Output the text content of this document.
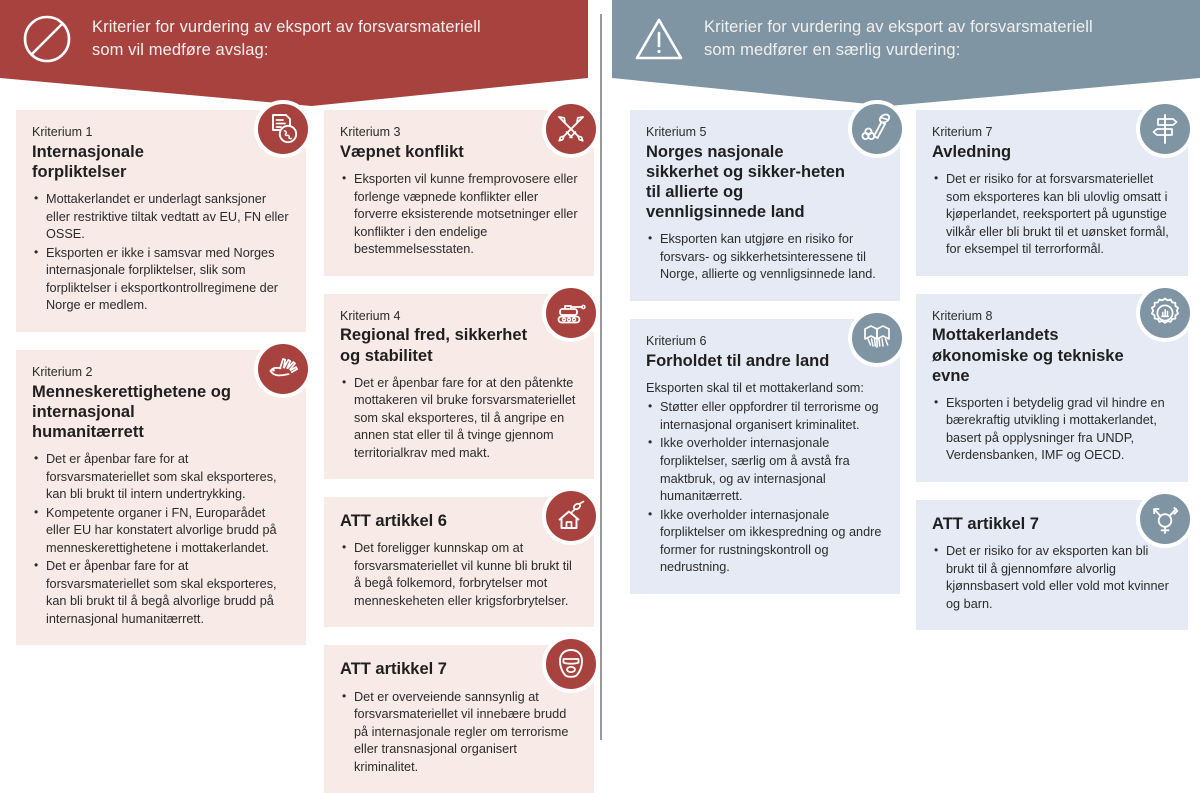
Kriterier for vurdering av eksport av forsvarsmateriell
som vil medføre avslag:
Kriterier for vurdering av eksport av forsvarsmateriell
som medfører en særlig vurdering:
Kriterium 1
Internasjonale forpliktelser
• Mottakerlandet er underlagt sanksjoner eller restriktive tiltak vedtatt av EU, FN eller OSSE.
• Eksporten er ikke i samsvar med Norges internasjonale forpliktelser, slik som forpliktelser i eksportkontrollregimene der Norge er medlem.
Kriterium 2
Menneskerettighetene og internasjonal humanitærrett
• Det er åpenbar fare for at forsvarsmateriellet som skal eksporteres, kan bli brukt til intern undertrykking.
• Kompetente organer i FN, Europarådet eller EU har konstatert alvorlige brudd på menneskerettighetene i mottakerlandet.
• Det er åpenbar fare for at forsvarsmateriellet som skal eksporteres, kan bli brukt til å begå alvorlige brudd på internasjonal humanitærrett.
Kriterium 3
Væpnet konflikt
• Eksporten vil kunne fremprovosere eller forlenge væpnede konflikter eller forverre eksisterende motsetninger eller konflikter i den endelige bestemmelsesstaten.
Kriterium 4
Regional fred, sikkerhet og stabilitet
• Det er åpenbar fare for at den påtenkte mottakeren vil bruke forsvarsmateriellet som skal eksporteres, til å angripe en annen stat eller til å tvinge gjennom territorialkrav med makt.
ATT artikkel 6
• Det foreligger kunnskap om at forsvarsmateriellet vil kunne bli brukt til å begå folkemord, forbrytelser mot menneskeheten eller krigsforbrytelser.
ATT artikkel 7
• Det er overveiende sannsynlig at forsvarsmateriellet vil innebære brudd på internasjonale regler om terrorisme eller transnasjonal organisert kriminalitet.
Kriterium 5
Norges nasjonale sikkerhet og sikker-heten til allierte og vennligsinnede land
• Eksporten kan utgjøre en risiko for forsvars- og sikkerhetsinteressene til Norge, allierte og vennligsinnede land.
Kriterium 6
Forholdet til andre land
Eksporten skal til et mottakerland som:
• Støtter eller oppfordrer til terrorisme og internasjonal organisert kriminalitet.
• Ikke overholder internasjonale forpliktelser, særlig om å avstå fra maktbruk, og av internasjonal humanitærrett.
• Ikke overholder internasjonale forpliktelser om ikkespredning og andre former for rustningskontroll og nedrustning.
Kriterium 7
Avledning
• Det er risiko for at forsvarsmateriellet som eksporteres kan bli ulovlig omsatt i kjøperlandet, reeksportert på ugunstige vilkår eller bli brukt til et uønsket formål, for eksempel til terrorformål.
Kriterium 8
Mottakerlandets økonomiske og tekniske evne
• Eksporten i betydelig grad vil hindre en bærekraftig utvikling i mottakerlandet, basert på opplysninger fra UNDP, Verdensbanken, IMF og OECD.
ATT artikkel 7
• Det er risiko for av eksporten kan bli brukt til å gjennomføre alvorlig kjønnsbasert vold eller vold mot kvinner og barn.
